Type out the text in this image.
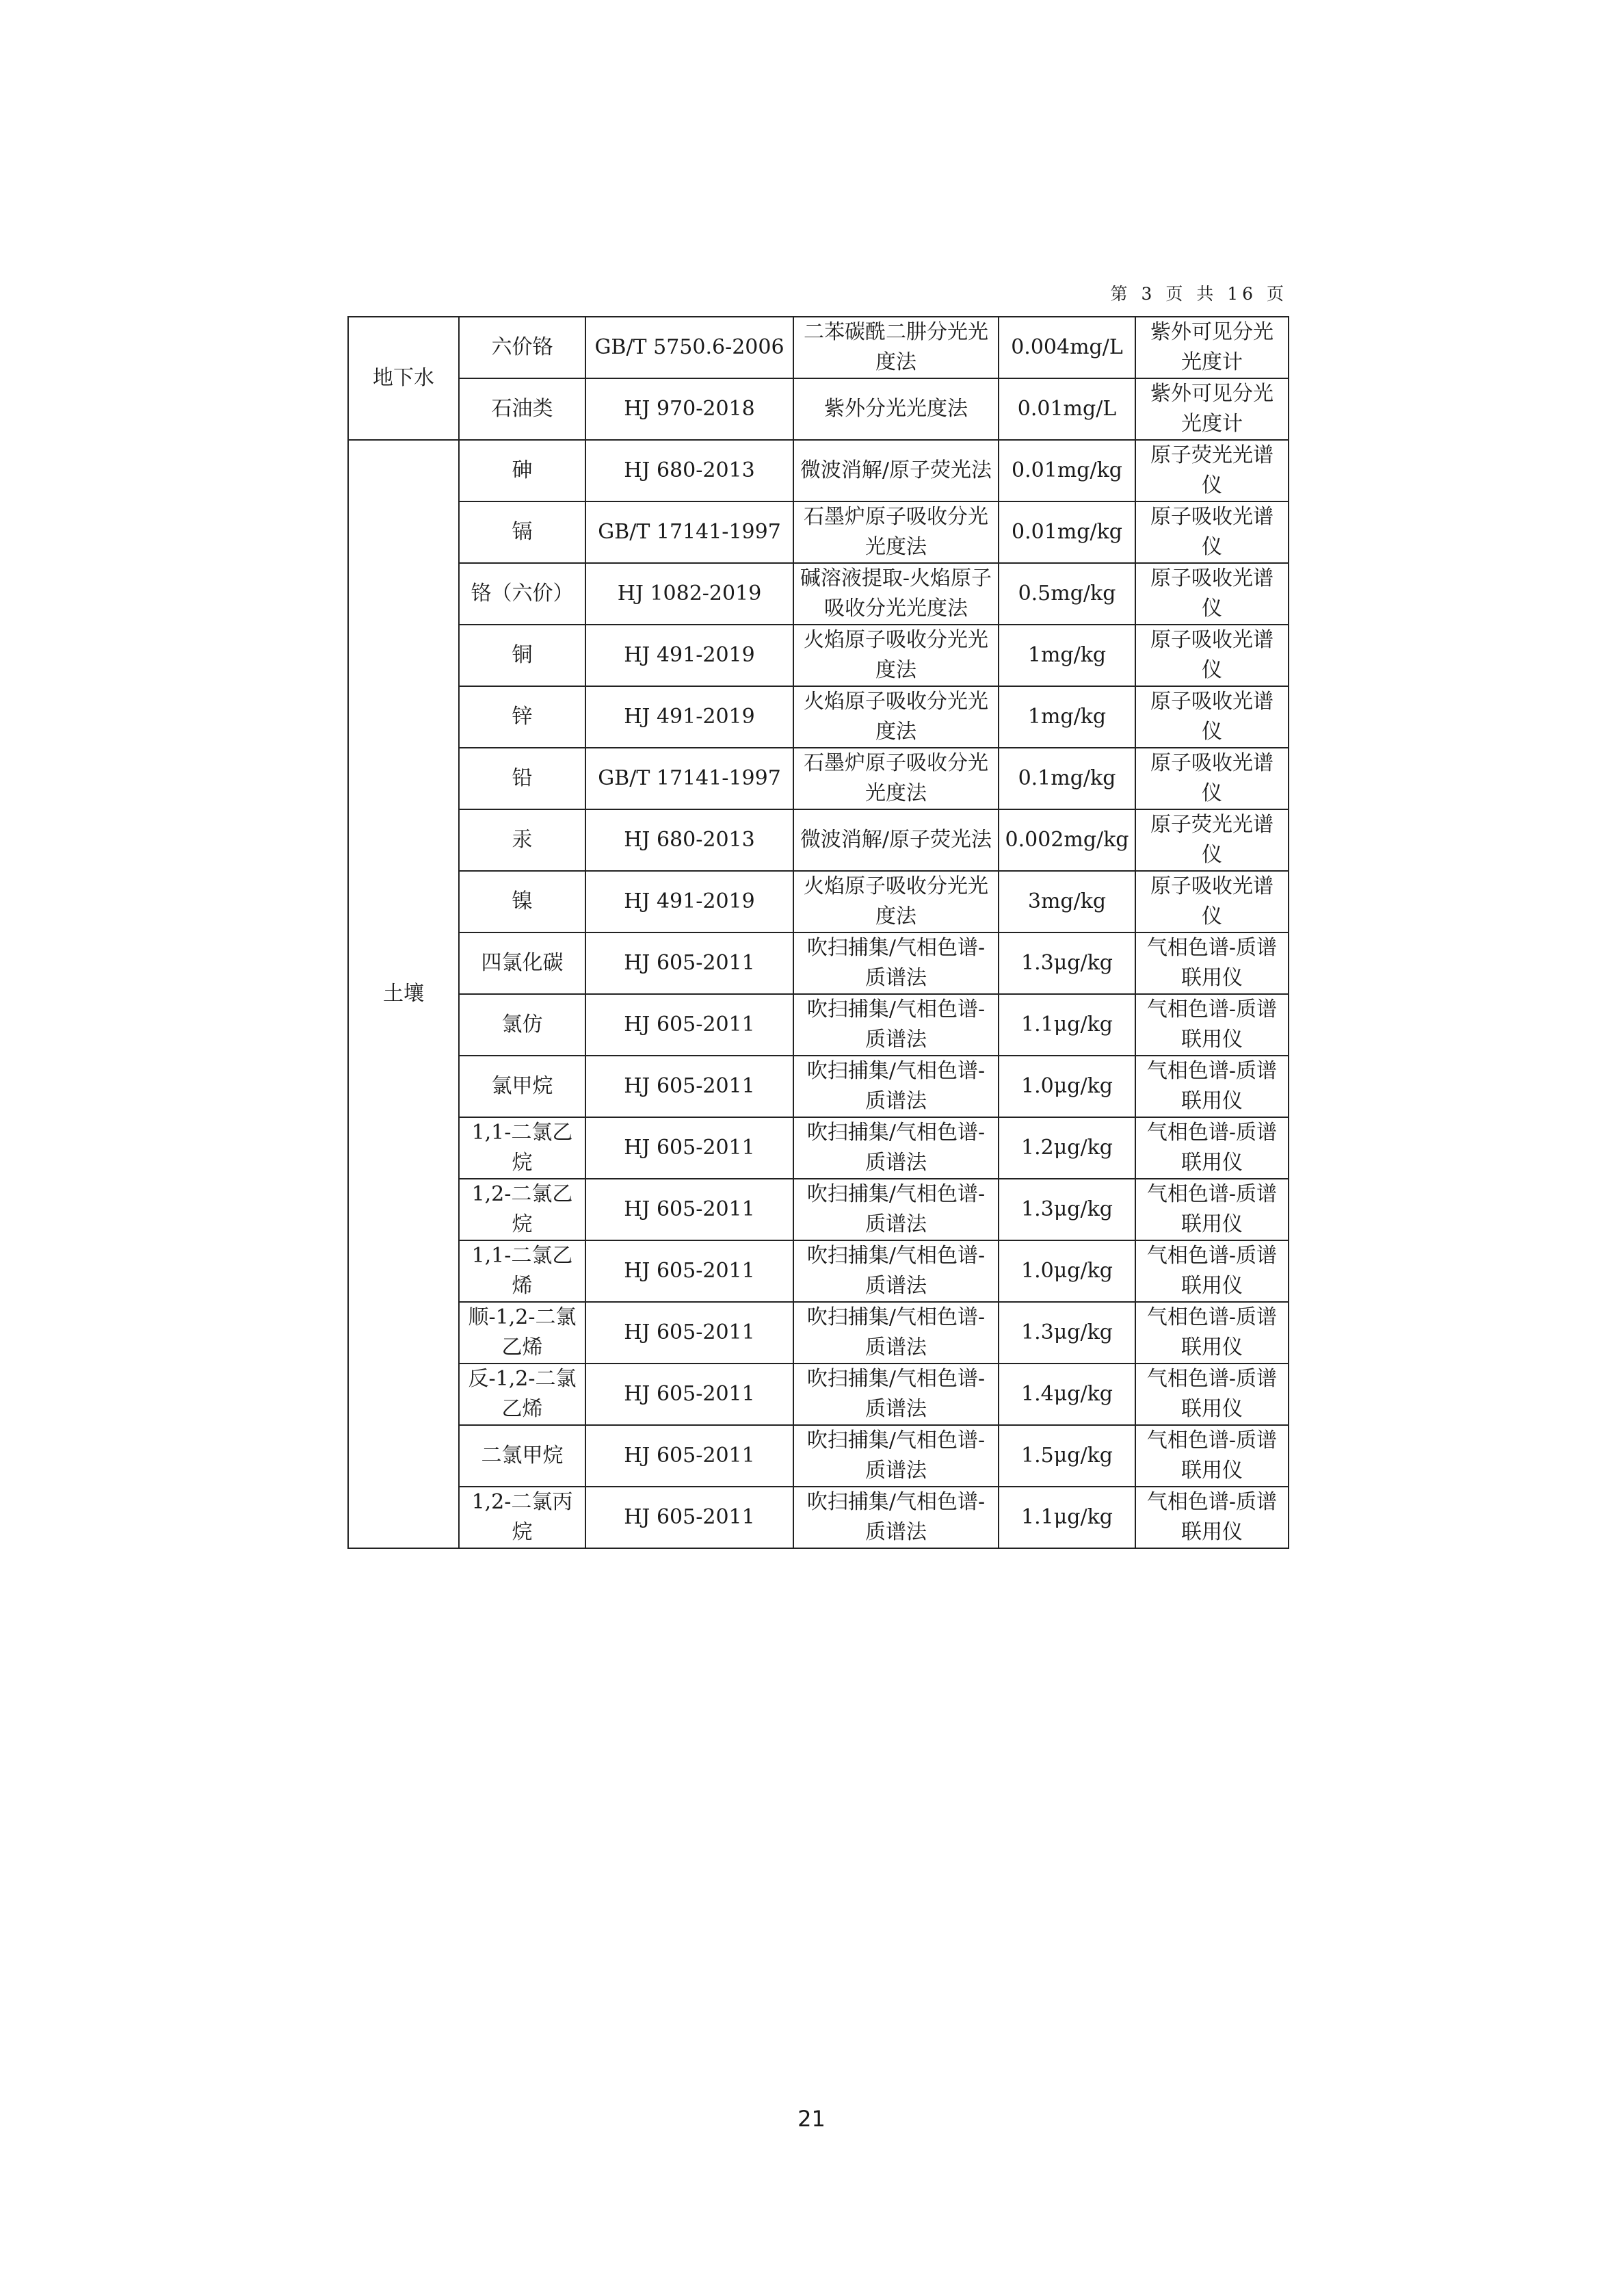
第 3 页 共 16 页
地下水	六价铬	GB/T 5750.6-2006	二苯碳酰二肼分光光度法	0.004mg/L	紫外可见分光光度计
	石油类	HJ 970-2018	紫外分光光度法	0.01mg/L	紫外可见分光光度计
土壤	砷	HJ 680-2013	微波消解/原子荧光法	0.01mg/kg	原子荧光光谱仪
	镉	GB/T 17141-1997	石墨炉原子吸收分光光度法	0.01mg/kg	原子吸收光谱仪
	铬（六价）	HJ 1082-2019	碱溶液提取-火焰原子吸收分光光度法	0.5mg/kg	原子吸收光谱仪
	铜	HJ 491-2019	火焰原子吸收分光光度法	1mg/kg	原子吸收光谱仪
	锌	HJ 491-2019	火焰原子吸收分光光度法	1mg/kg	原子吸收光谱仪
	铅	GB/T 17141-1997	石墨炉原子吸收分光光度法	0.1mg/kg	原子吸收光谱仪
	汞	HJ 680-2013	微波消解/原子荧光法	0.002mg/kg	原子荧光光谱仪
	镍	HJ 491-2019	火焰原子吸收分光光度法	3mg/kg	原子吸收光谱仪
	四氯化碳	HJ 605-2011	吹扫捕集/气相色谱-质谱法	1.3μg/kg	气相色谱-质谱联用仪
	氯仿	HJ 605-2011	吹扫捕集/气相色谱-质谱法	1.1μg/kg	气相色谱-质谱联用仪
	氯甲烷	HJ 605-2011	吹扫捕集/气相色谱-质谱法	1.0μg/kg	气相色谱-质谱联用仪
	1,1-二氯乙烷	HJ 605-2011	吹扫捕集/气相色谱-质谱法	1.2μg/kg	气相色谱-质谱联用仪
	1,2-二氯乙烷	HJ 605-2011	吹扫捕集/气相色谱-质谱法	1.3μg/kg	气相色谱-质谱联用仪
	1,1-二氯乙烯	HJ 605-2011	吹扫捕集/气相色谱-质谱法	1.0μg/kg	气相色谱-质谱联用仪
	顺-1,2-二氯乙烯	HJ 605-2011	吹扫捕集/气相色谱-质谱法	1.3μg/kg	气相色谱-质谱联用仪
	反-1,2-二氯乙烯	HJ 605-2011	吹扫捕集/气相色谱-质谱法	1.4μg/kg	气相色谱-质谱联用仪
	二氯甲烷	HJ 605-2011	吹扫捕集/气相色谱-质谱法	1.5μg/kg	气相色谱-质谱联用仪
	1,2-二氯丙烷	HJ 605-2011	吹扫捕集/气相色谱-质谱法	1.1μg/kg	气相色谱-质谱联用仪
21
